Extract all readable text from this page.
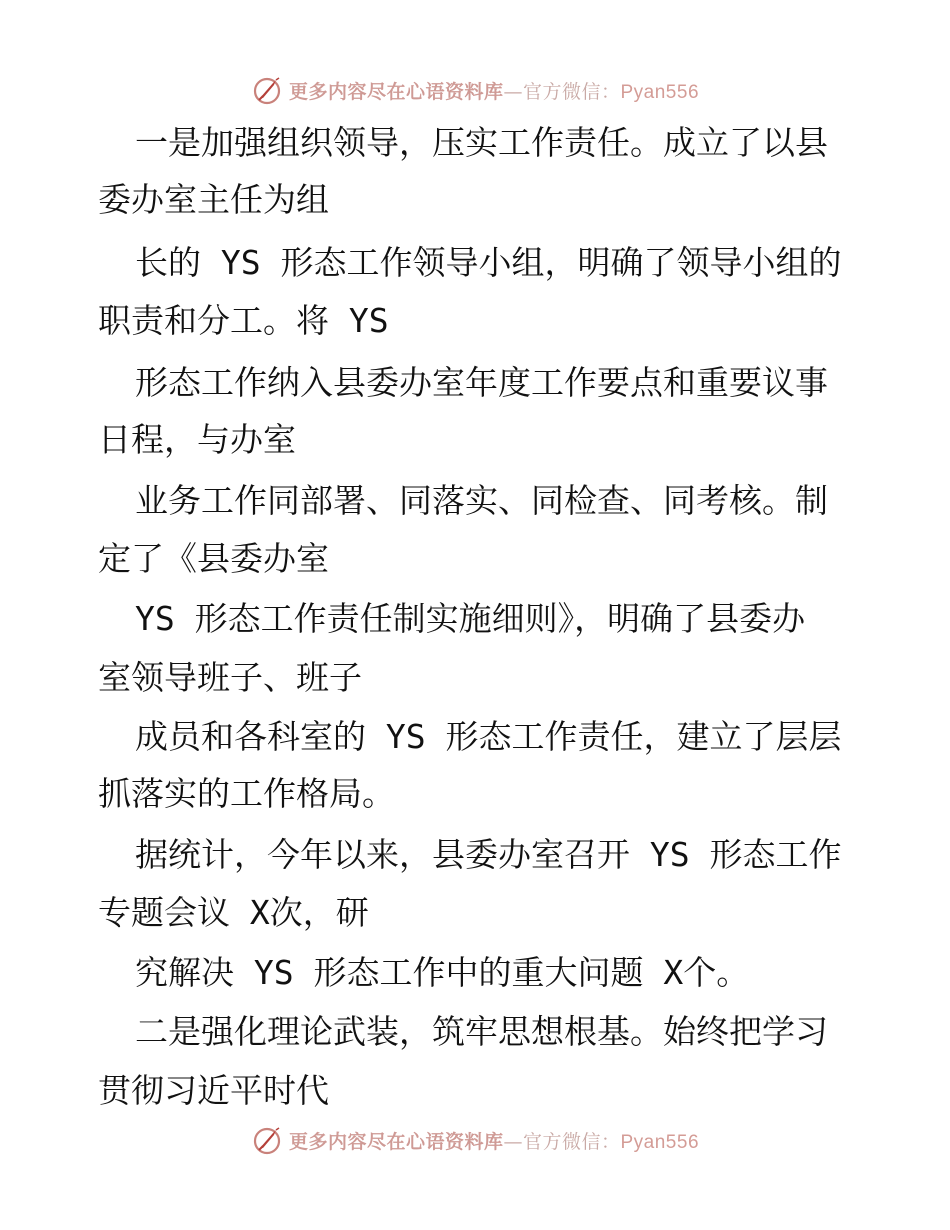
更多内容尽在心语资料库—官方微信：Pyan556
一是加强组织领导，压实工作责任。成立了以县
委办室主任为组
长的 YS 形态工作领导小组，明确了领导小组的
职责和分工。将 YS
形态工作纳入县委办室年度工作要点和重要议事
日程，与办室
业务工作同部署、同落实、同检查、同考核。制
定了《县委办室
YS 形态工作责任制实施细则》，明确了县委办
室领导班子、班子
成员和各科室的 YS 形态工作责任，建立了层层
抓落实的工作格局。
据统计，今年以来，县委办室召开 YS 形态工作
专题会议 X次，研
究解决 YS 形态工作中的重大问题 X个。
二是强化理论武装，筑牢思想根基。始终把学习
贯彻习近平时代
更多内容尽在心语资料库—官方微信：Pyan556
